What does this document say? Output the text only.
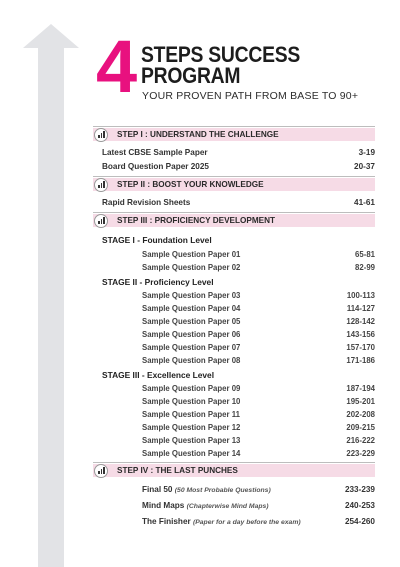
4 STEPS SUCCESS
PROGRAM
YOUR PROVEN PATH FROM BASE TO 90+
STEP I : UNDERSTAND THE CHALLENGE
Latest CBSE Sample Paper	3-19
Board Question Paper 2025	20-37
STEP II : BOOST YOUR KNOWLEDGE
Rapid Revision Sheets	41-61
STEP III : PROFICIENCY DEVELOPMENT
STAGE I - Foundation Level
Sample Question Paper 01	65-81
Sample Question Paper 02	82-99
STAGE II - Proficiency Level
Sample Question Paper 03	100-113
Sample Question Paper 04	114-127
Sample Question Paper 05	128-142
Sample Question Paper 06	143-156
Sample Question Paper 07	157-170
Sample Question Paper 08	171-186
STAGE III - Excellence Level
Sample Question Paper 09	187-194
Sample Question Paper 10	195-201
Sample Question Paper 11	202-208
Sample Question Paper 12	209-215
Sample Question Paper 13	216-222
Sample Question Paper 14	223-229
STEP IV : THE LAST PUNCHES
Final 50 (50 Most Probable Questions)	233-239
Mind Maps (Chapterwise Mind Maps)	240-253
The Finisher (Paper for a day before the exam)	254-260
